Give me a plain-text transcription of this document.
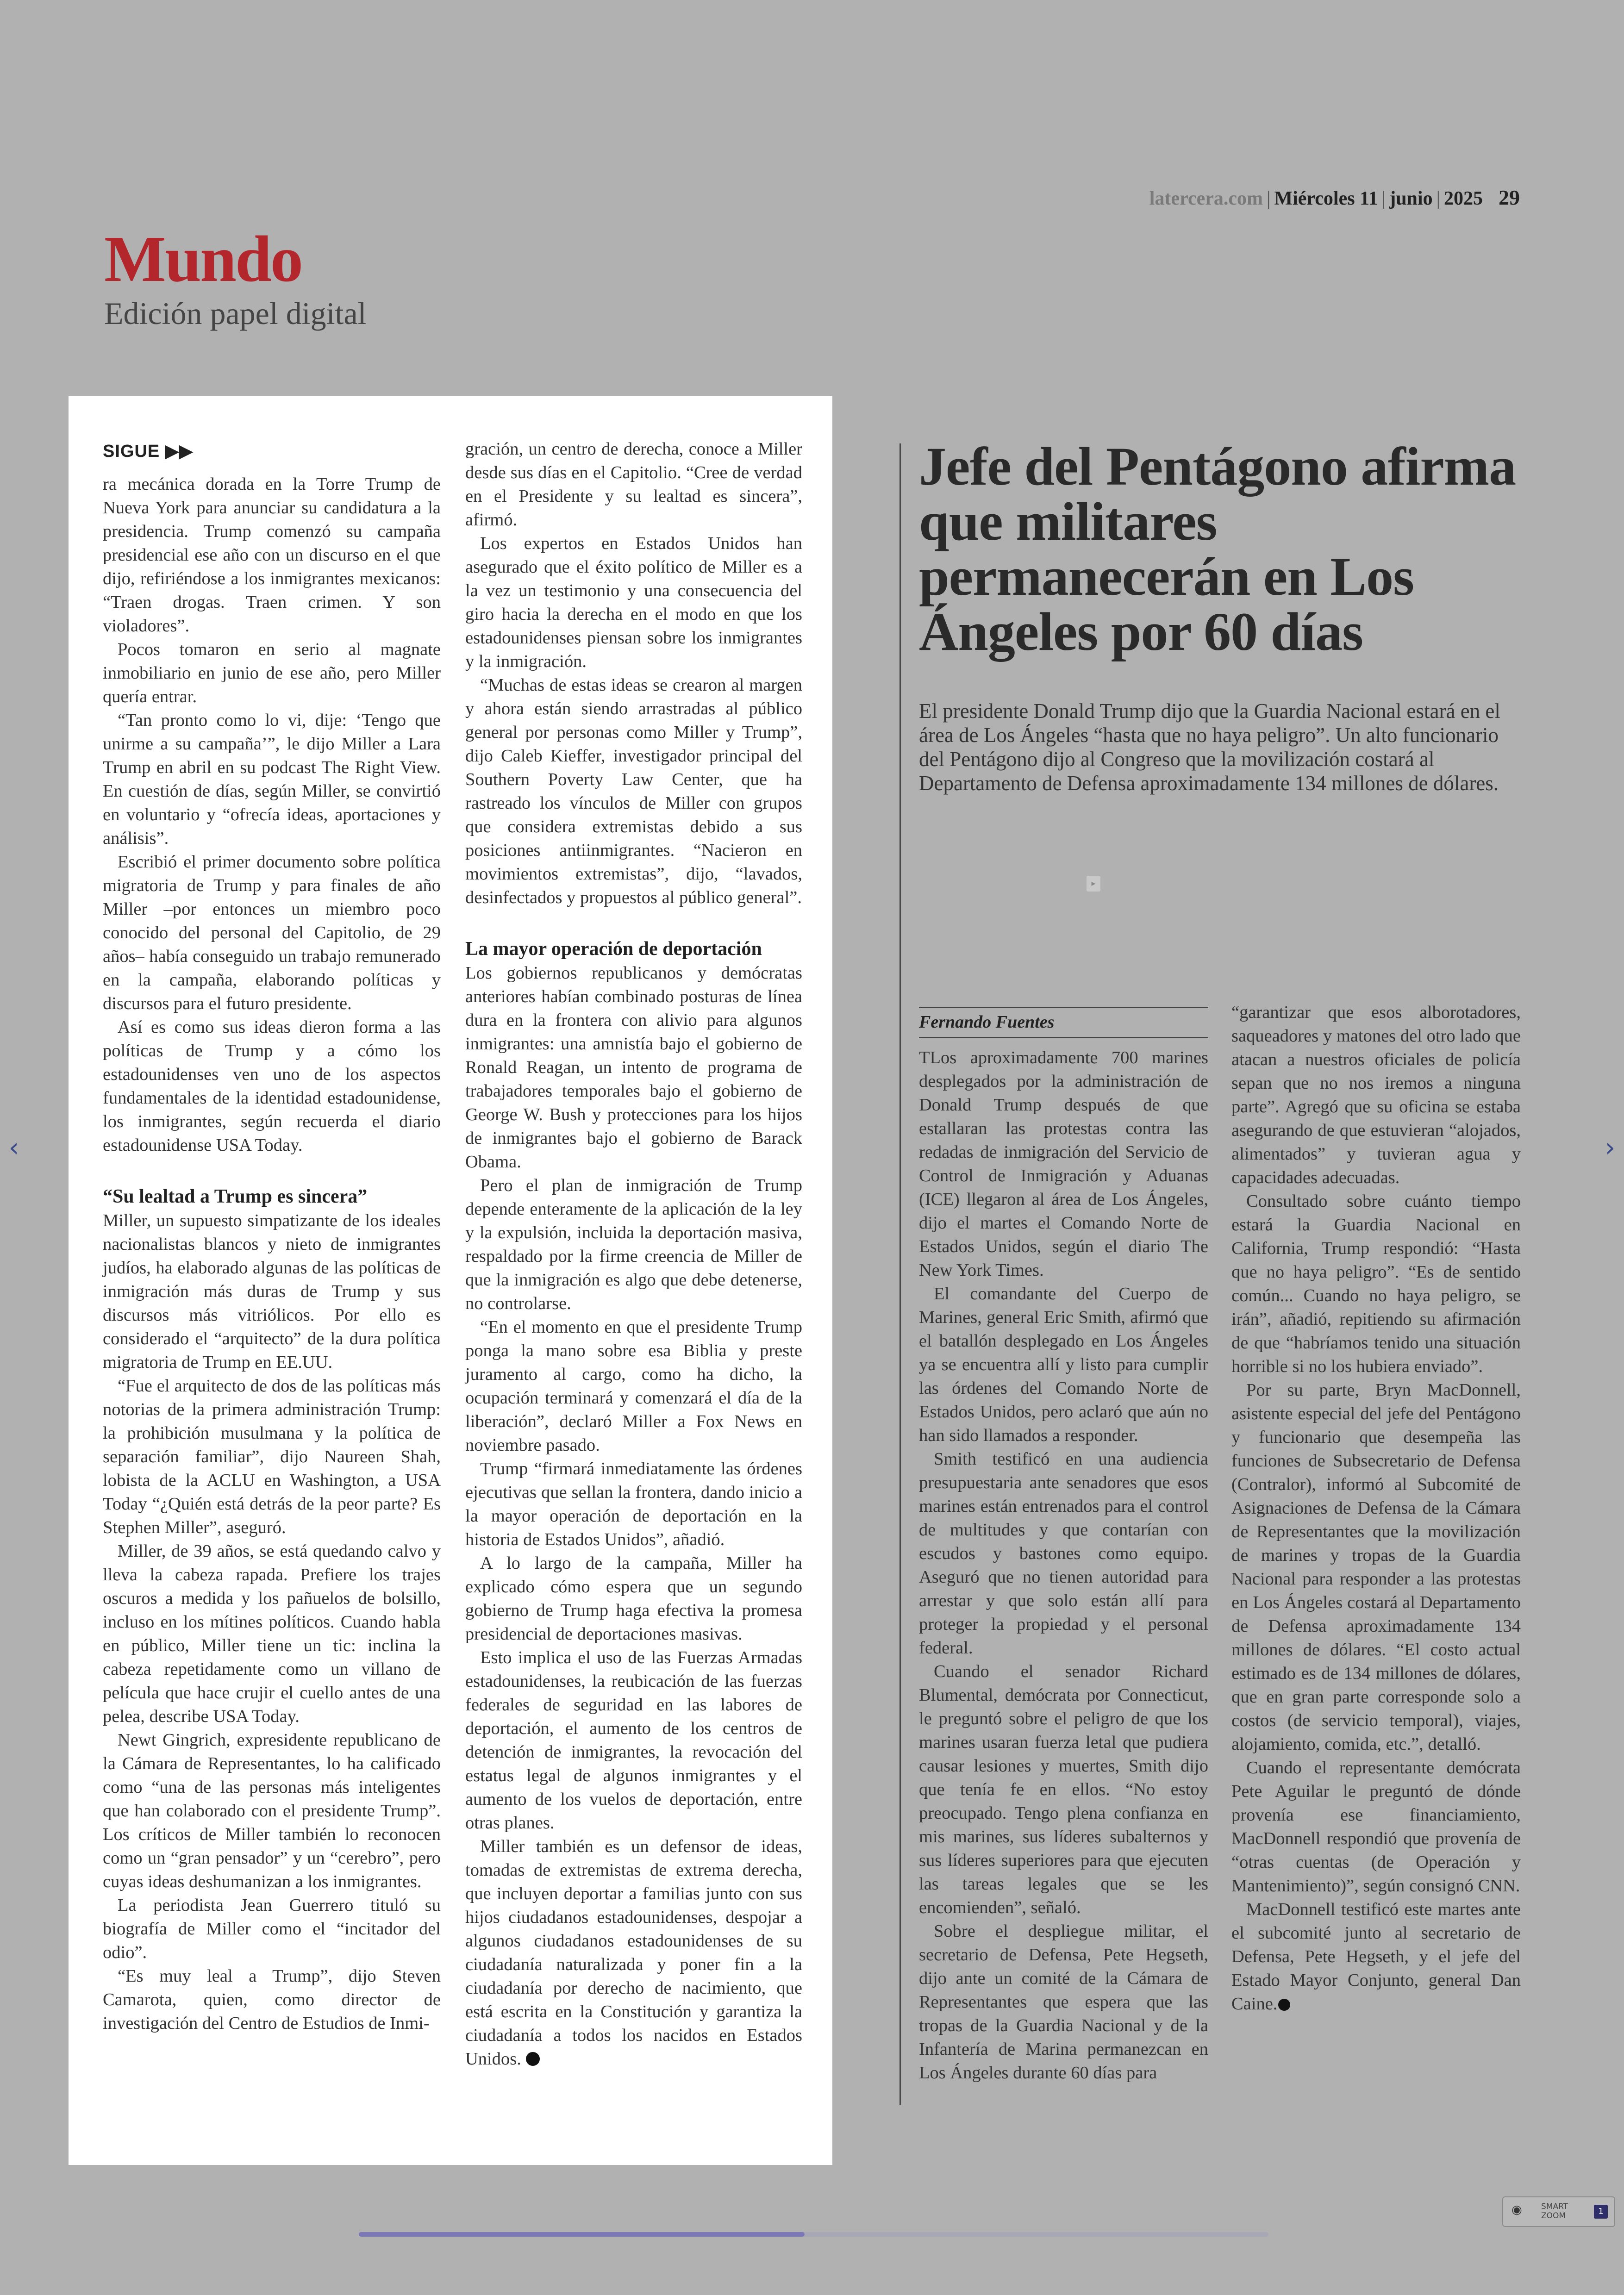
latercera.com | Miércoles 11 | junio | 2025 29
Mundo
Edición papel digital
SIGUE ▶▶

ra mecánica dorada en la Torre Trump de Nueva York para anunciar su candidatura a la presidencia. Trump comenzó su campaña presidencial ese año con un discurso en el que dijo, refiriéndose a los inmigrantes mexicanos: “Traen drogas. Traen crimen. Y son violadores”.

Pocos tomaron en serio al magnate inmobiliario en junio de ese año, pero Miller quería entrar.

“Tan pronto como lo vi, dije: ‘Tengo que unirme a su campaña’”, le dijo Miller a Lara Trump en abril en su podcast The Right View. En cuestión de días, según Miller, se convirtió en voluntario y “ofrecía ideas, aportaciones y análisis”.

Escribió el primer documento sobre política migratoria de Trump y para finales de año Miller –por entonces un miembro poco conocido del personal del Capitolio, de 29 años– había conseguido un trabajo remunerado en la campaña, elaborando políticas y discursos para el futuro presidente.

Así es como sus ideas dieron forma a las políticas de Trump y a cómo los estadounidenses ven uno de los aspectos fundamentales de la identidad estadounidense, los inmigrantes, según recuerda el diario estadounidense USA Today.

“Su lealtad a Trump es sincera”

Miller, un supuesto simpatizante de los ideales nacionalistas blancos y nieto de inmigrantes judíos, ha elaborado algunas de las políticas de inmigración más duras de Trump y sus discursos más vitriólicos. Por ello es considerado el “arquitecto” de la dura política migratoria de Trump en EE.UU.

“Fue el arquitecto de dos de las políticas más notorias de la primera administración Trump: la prohibición musulmana y la política de separación familiar”, dijo Naureen Shah, lobista de la ACLU en Washington, a USA Today “¿Quién está detrás de la peor parte? Es Stephen Miller”, aseguró.

Miller, de 39 años, se está quedando calvo y lleva la cabeza rapada. Prefiere los trajes oscuros a medida y los pañuelos de bolsillo, incluso en los mítines políticos. Cuando habla en público, Miller tiene un tic: inclina la cabeza repetidamente como un villano de película que hace crujir el cuello antes de una pelea, describe USA Today.

Newt Gingrich, expresidente republicano de la Cámara de Representantes, lo ha calificado como “una de las personas más inteligentes que han colaborado con el presidente Trump”. Los críticos de Miller también lo reconocen como un “gran pensador” y un “cerebro”, pero cuyas ideas deshumanizan a los inmigrantes.

La periodista Jean Guerrero tituló su biografía de Miller como el “incitador del odio”.

“Es muy leal a Trump”, dijo Steven Camarota, quien, como director de investigación del Centro de Estudios de Inmi-

gración, un centro de derecha, conoce a Miller desde sus días en el Capitolio. “Cree de verdad en el Presidente y su lealtad es sincera”, afirmó.

Los expertos en Estados Unidos han asegurado que el éxito político de Miller es a la vez un testimonio y una consecuencia del giro hacia la derecha en el modo en que los estadounidenses piensan sobre los inmigrantes y la inmigración.

“Muchas de estas ideas se crearon al margen y ahora están siendo arrastradas al público general por personas como Miller y Trump”, dijo Caleb Kieffer, investigador principal del Southern Poverty Law Center, que ha rastreado los vínculos de Miller con grupos que considera extremistas debido a sus posiciones antiinmigrantes. “Nacieron en movimientos extremistas”, dijo, “lavados, desinfectados y propuestos al público general”.

La mayor operación de deportación

Los gobiernos republicanos y demócratas anteriores habían combinado posturas de línea dura en la frontera con alivio para algunos inmigrantes: una amnistía bajo el gobierno de Ronald Reagan, un intento de programa de trabajadores temporales bajo el gobierno de George W. Bush y protecciones para los hijos de inmigrantes bajo el gobierno de Barack Obama.

Pero el plan de inmigración de Trump depende enteramente de la aplicación de la ley y la expulsión, incluida la deportación masiva, respaldado por la firme creencia de Miller de que la inmigración es algo que debe detenerse, no controlarse.

“En el momento en que el presidente Trump ponga la mano sobre esa Biblia y preste juramento al cargo, como ha dicho, la ocupación terminará y comenzará el día de la liberación”, declaró Miller a Fox News en noviembre pasado.

Trump “firmará inmediatamente las órdenes ejecutivas que sellan la frontera, dando inicio a la mayor operación de deportación en la historia de Estados Unidos”, añadió.

A lo largo de la campaña, Miller ha explicado cómo espera que un segundo gobierno de Trump haga efectiva la promesa presidencial de deportaciones masivas.

Esto implica el uso de las Fuerzas Armadas estadounidenses, la reubicación de las fuerzas federales de seguridad en las labores de deportación, el aumento de los centros de detención de inmigrantes, la revocación del estatus legal de algunos inmigrantes y el aumento de los vuelos de deportación, entre otras planes.

Miller también es un defensor de ideas, tomadas de extremistas de extrema derecha, que incluyen deportar a familias junto con sus hijos ciudadanos estadounidenses, despojar a algunos ciudadanos estadounidenses de su ciudadanía naturalizada y poner fin a la ciudadanía por derecho de nacimiento, que está escrita en la Constitución y garantiza la ciudadanía a todos los nacidos en Estados Unidos.

Jefe del Pentágono afirma que militares permanecerán en Los Ángeles por 60 días
El presidente Donald Trump dijo que la Guardia Nacional estará en el área de Los Ángeles “hasta que no haya peligro”. Un alto funcionario del Pentágono dijo al Congreso que la movilización costará al Departamento de Defensa aproximadamente 134 millones de dólares.
▸
Fernando Fuentes

TLos aproximadamente 700 marines desplegados por la administración de Donald Trump después de que estallaran las protestas contra las redadas de inmigración del Servicio de Control de Inmigración y Aduanas (ICE) llegaron al área de Los Ángeles, dijo el martes el Comando Norte de Estados Unidos, según el diario The New York Times.

El comandante del Cuerpo de Marines, general Eric Smith, afirmó que el batallón desplegado en Los Ángeles ya se encuentra allí y listo para cumplir las órdenes del Comando Norte de Estados Unidos, pero aclaró que aún no han sido llamados a responder.

Smith testificó en una audiencia presupuestaria ante senadores que esos marines están entrenados para el control de multitudes y que contarían con escudos y bastones como equipo. Aseguró que no tienen autoridad para arrestar y que solo están allí para proteger la propiedad y el personal federal.

Cuando el senador Richard Blumental, demócrata por Connecticut, le preguntó sobre el peligro de que los marines usaran fuerza letal que pudiera causar lesiones y muertes, Smith dijo que tenía fe en ellos. “No estoy preocupado. Tengo plena confianza en mis marines, sus líderes subalternos y sus líderes superiores para que ejecuten las tareas legales que se les encomienden”, señaló.

Sobre el despliegue militar, el secretario de Defensa, Pete Hegseth, dijo ante un comité de la Cámara de Representantes que espera que las tropas de la Guardia Nacional y de la Infantería de Marina permanezcan en Los Ángeles durante 60 días para

“garantizar que esos alborotadores, saqueadores y matones del otro lado que atacan a nuestros oficiales de policía sepan que no nos iremos a ninguna parte”. Agregó que su oficina se estaba asegurando de que estuvieran “alojados, alimentados” y tuvieran agua y capacidades adecuadas.

Consultado sobre cuánto tiempo estará la Guardia Nacional en California, Trump respondió: “Hasta que no haya peligro”. “Es de sentido común... Cuando no haya peligro, se irán”, añadió, repitiendo su afirmación de que “habríamos tenido una situación horrible si no los hubiera enviado”.

Por su parte, Bryn MacDonnell, asistente especial del jefe del Pentágono y funcionario que desempeña las funciones de Subsecretario de Defensa (Contralor), informó al Subcomité de Asignaciones de Defensa de la Cámara de Representantes que la movilización de marines y tropas de la Guardia Nacional para responder a las protestas en Los Ángeles costará al Departamento de Defensa aproximadamente 134 millones de dólares. “El costo actual estimado es de 134 millones de dólares, que en gran parte corresponde solo a costos (de servicio temporal), viajes, alojamiento, comida, etc.”, detalló.

Cuando el representante demócrata Pete Aguilar le preguntó de dónde provenía ese financiamiento, MacDonnell respondió que provenía de “otras cuentas (de Operación y Mantenimiento)”, según consignó CNN.

MacDonnell testificó este martes ante el subcomité junto al secretario de Defensa, Pete Hegseth, y el jefe del Estado Mayor Conjunto, general Dan Caine.

‹	›
◉ SMART ZOOM	1
